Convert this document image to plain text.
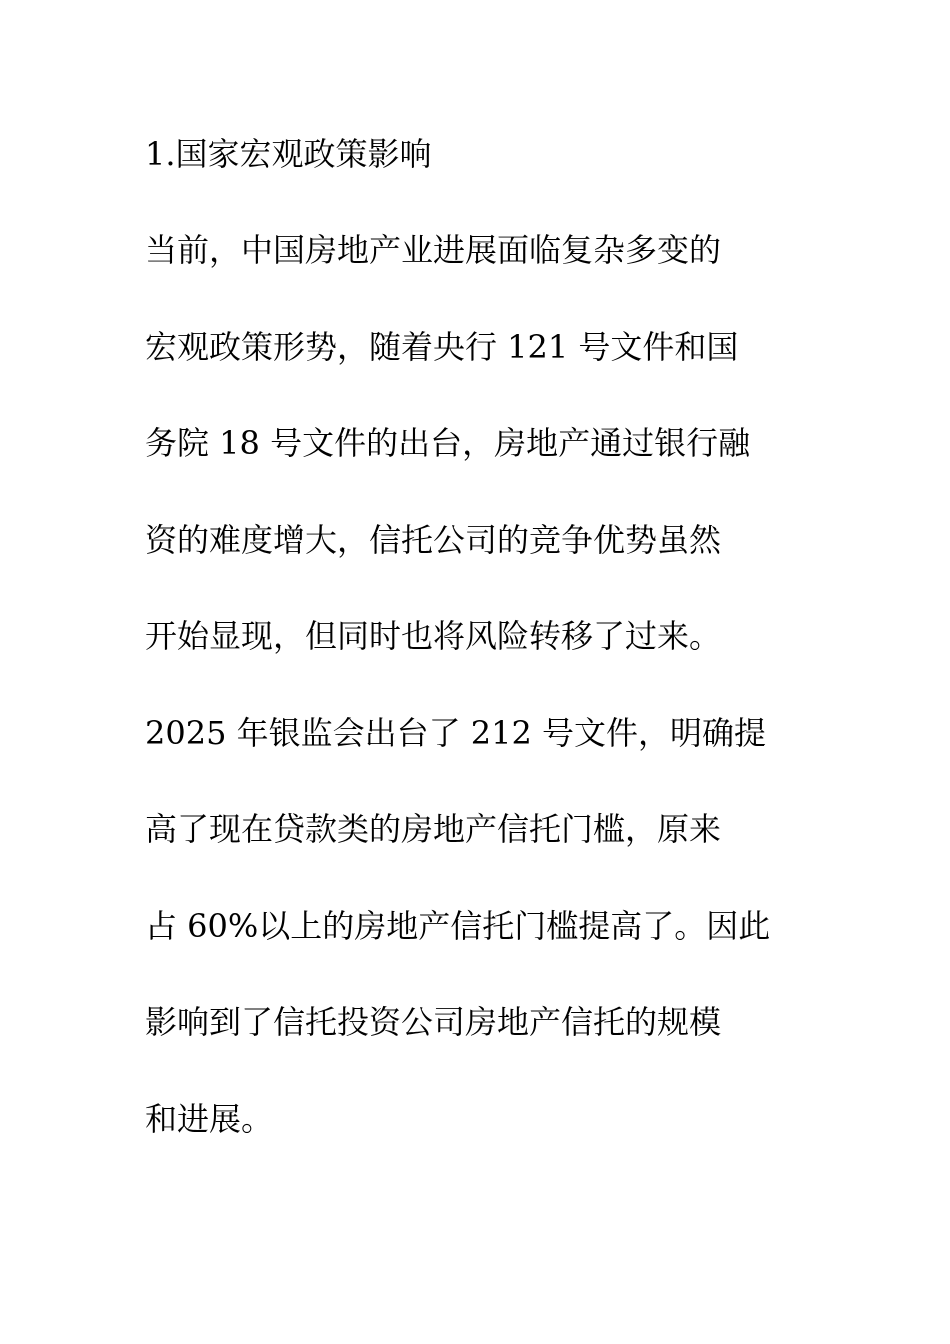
1.国家宏观政策影响
当前，中国房地产业进展面临复杂多变的
宏观政策形势，随着央行 121 号文件和国
务院 18 号文件的出台，房地产通过银行融
资的难度增大，信托公司的竞争优势虽然
开始显现，但同时也将风险转移了过来。
2025 年银监会出台了 212 号文件，明确提
高了现在贷款类的房地产信托门槛，原来
占 60%以上的房地产信托门槛提高了。因此
影响到了信托投资公司房地产信托的规模
和进展。
